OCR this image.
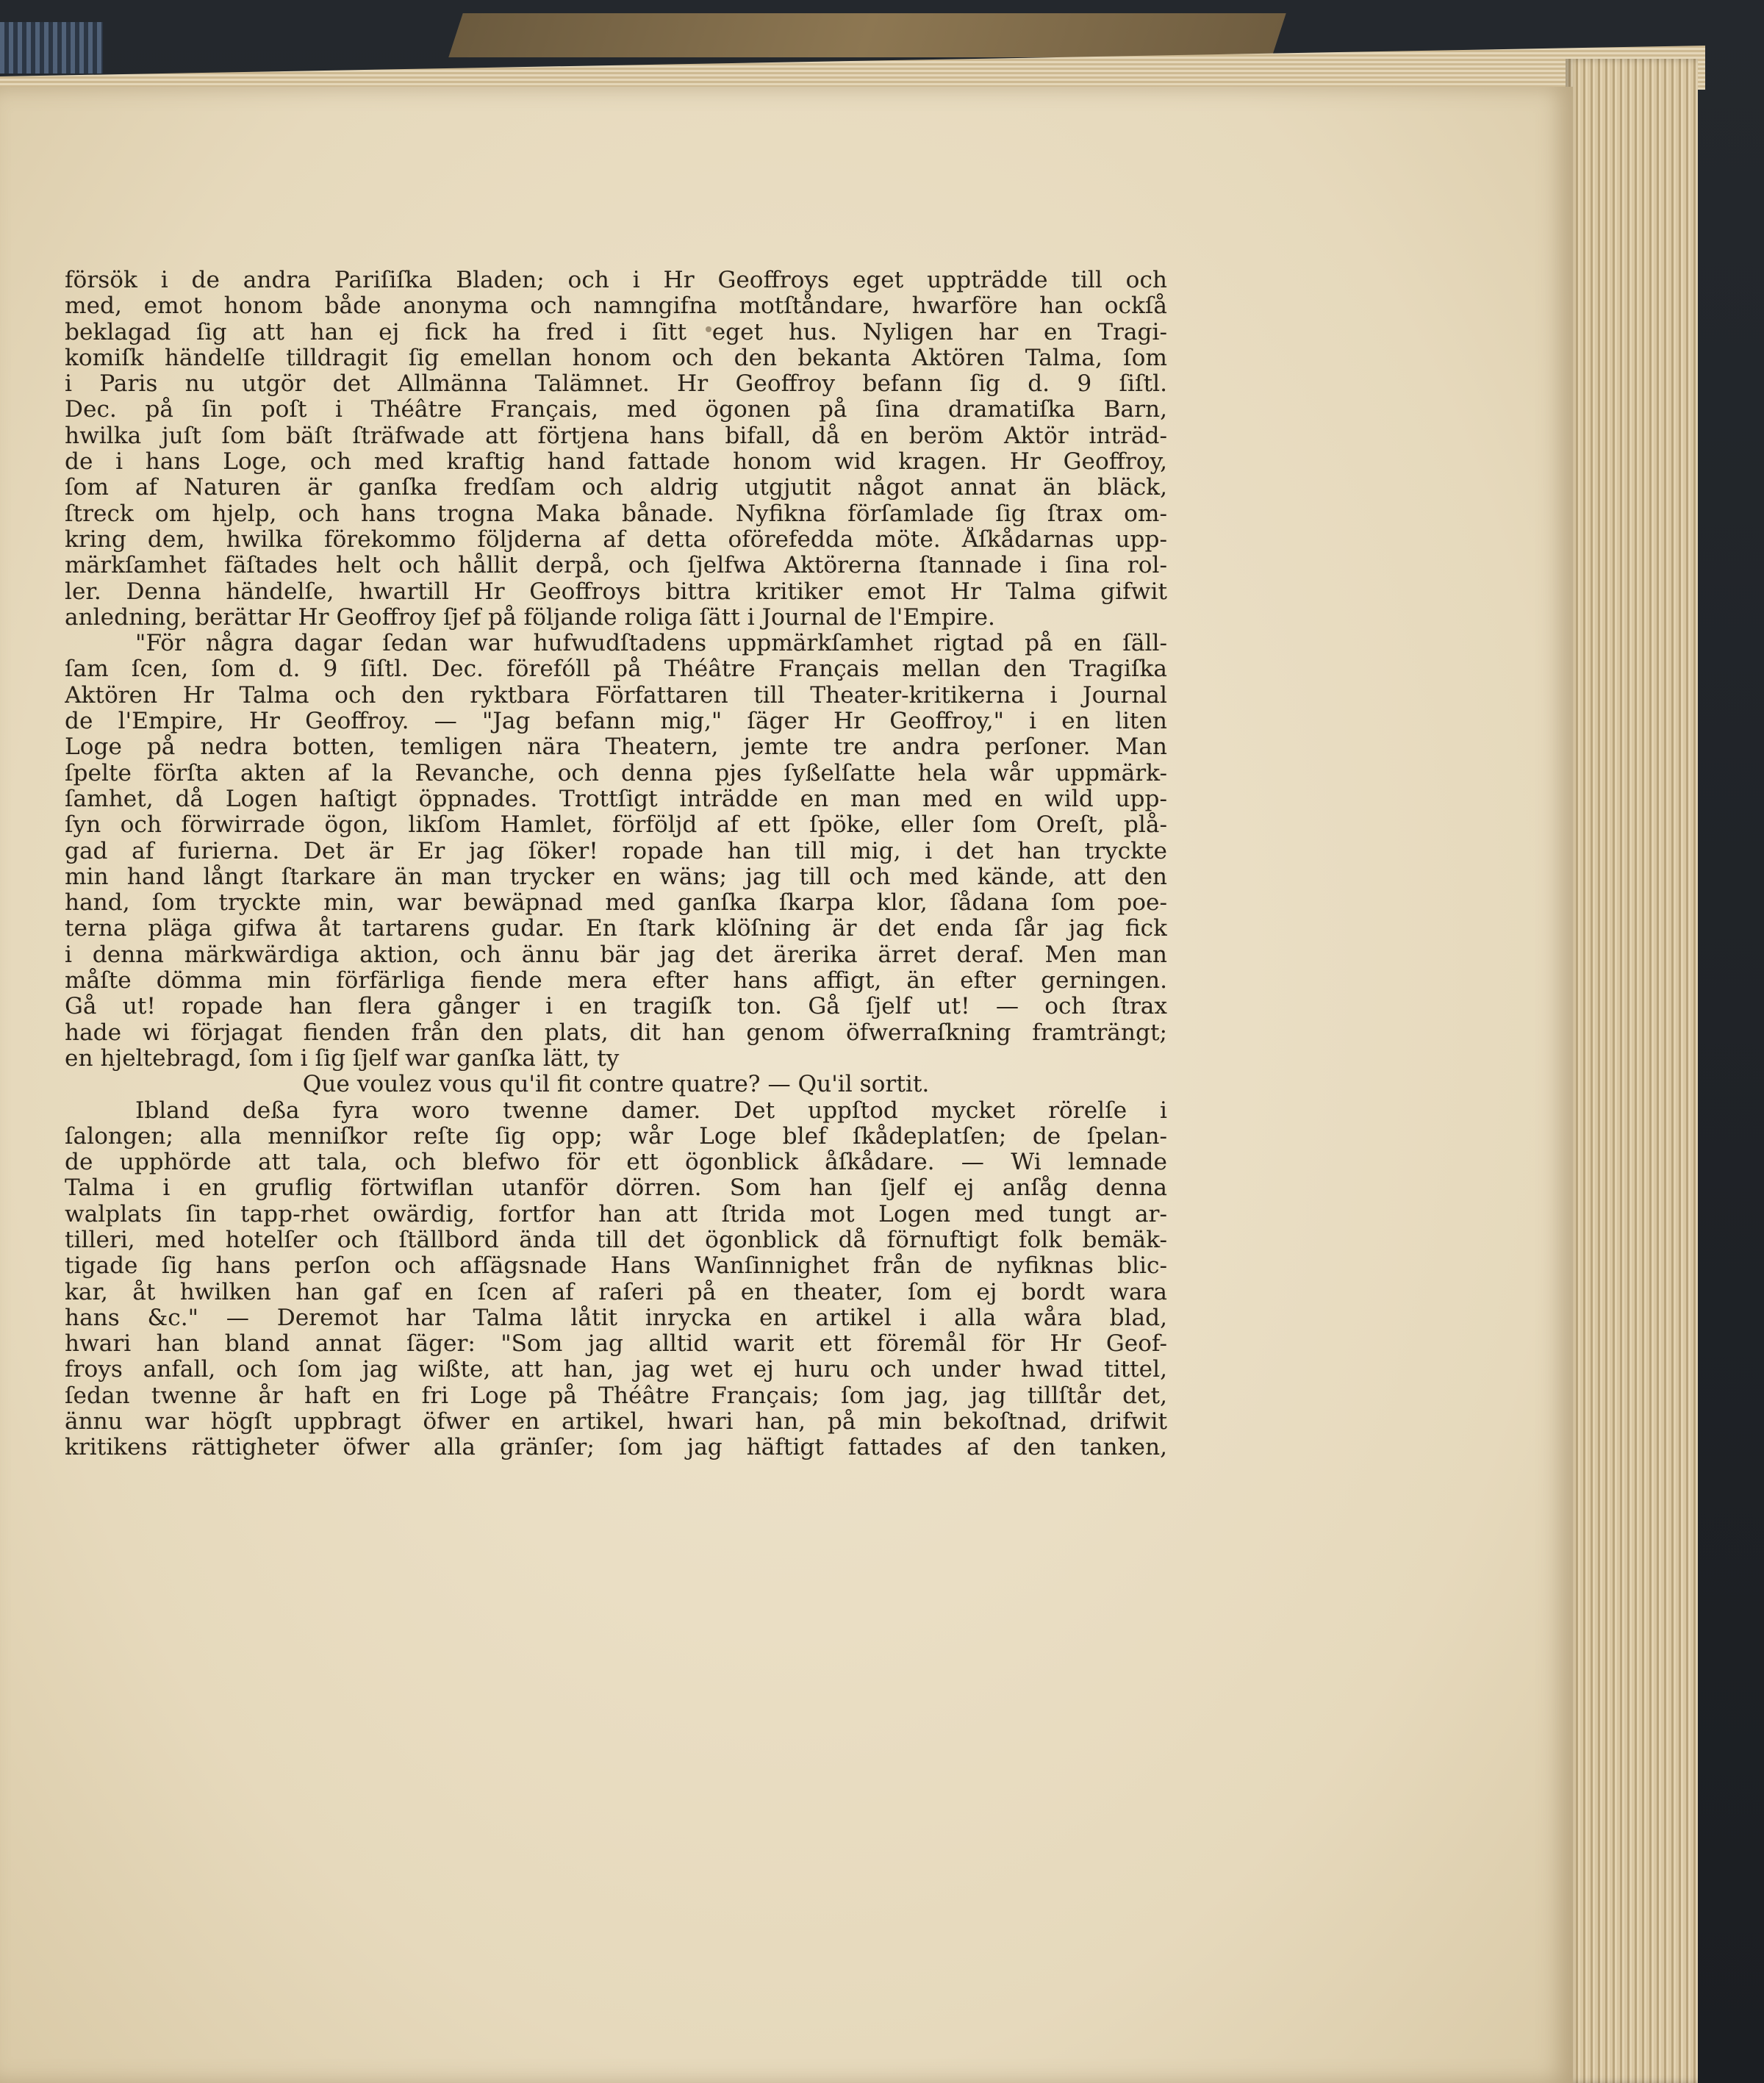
försök i de andra Pariſiſka Bladen; och i Hr Geoffroys eget uppträdde till och
med, emot honom både anonyma och namngifna motſtåndare, hwarföre han ockſå
beklagad ſig att han ej fick ha fred i ſitt eget hus. Nyligen har en Tragi-
komiſk händelſe tilldragit ſig emellan honom och den bekanta Aktören Talma, ſom
i Paris nu utgör det Allmänna Talämnet. Hr Geoffroy befann ſig d. 9 ſiſtl.
Dec. på ſin poſt i Théâtre Français, med ögonen på ſina dramatiſka Barn,
hwilka juſt ſom bäſt ſträfwade att förtjena hans bifall, då en beröm Aktör inträd-
de i hans Loge, och med kraftig hand fattade honom wid kragen. Hr Geoffroy,
ſom af Naturen är ganſka fredſam och aldrig utgjutit något annat än bläck,
ſtreck om hjelp, och hans trogna Maka bånade. Nyfikna förſamlade ſig ſtrax om-
kring dem, hwilka förekommo följderna af detta oförefedda möte. Åſkådarnas upp-
märkſamhet fäſtades helt och hållit derpå, och ſjelfwa Aktörerna ſtannade i ſina rol-
ler. Denna händelſe, hwartill Hr Geoffroys bittra kritiker emot Hr Talma gifwit
anledning, berättar Hr Geoffroy ſjef på följande roliga ſätt i Journal de l'Empire.

"För några dagar ſedan war hufwudſtadens uppmärkſamhet rigtad på en ſäll-
ſam ſcen, ſom d. 9 ſiſtl. Dec. förefóll på Théâtre Français mellan den Tragiſka
Aktören Hr Talma och den ryktbara Författaren till Theater-kritikerna i Journal
de l'Empire, Hr Geoffroy. — "Jag befann mig," ſäger Hr Geoffroy," i en liten
Loge på nedra botten, temligen nära Theatern, jemte tre andra perſoner. Man
ſpelte förſta akten af la Revanche, och denna pjes ſyßelſatte hela wår uppmärk-
ſamhet, då Logen haſtigt öppnades. Trottſigt inträdde en man med en wild upp-
ſyn och förwirrade ögon, likſom Hamlet, förföljd af ett ſpöke, eller ſom Oreſt, plå-
gad af furierna. Det är Er jag ſöker! ropade han till mig, i det han tryckte
min hand långt ſtarkare än man trycker en wäns; jag till och med kände, att den
hand, ſom tryckte min, war bewäpnad med ganſka ſkarpa klor, ſådana ſom poe-
terna pläga gifwa åt tartarens gudar. En ſtark klöſning är det enda ſår jag fick
i denna märkwärdiga aktion, och ännu bär jag det ärerika ärret deraf. Men man
måſte dömma min förfärliga fiende mera efter hans affigt, än efter gerningen.
Gå ut! ropade han flera gånger i en tragiſk ton. Gå ſjelf ut! — och ſtrax
hade wi förjagat fienden från den plats, dit han genom öfwerraſkning framträngt;
en hjeltebragd, ſom i ſig ſjelf war ganſka lätt, ty
Que voulez vous qu'il fit contre quatre? — Qu'il sortit.

Ibland deßa fyra woro twenne damer. Det uppſtod mycket rörelſe i
ſalongen; alla menniſkor reſte ſig opp; wår Loge blef ſkådeplatſen; de ſpelan-
de upphörde att tala, och blefwo för ett ögonblick åſkådare. — Wi lemnade
Talma i en gruflig förtwiflan utanför dörren. Som han ſjelf ej anſåg denna
walplats ſin tapp-rhet owärdig, fortfor han att ſtrida mot Logen med tungt ar-
tilleri, med hotelſer och ſtällbord ända till det ögonblick då förnuftigt folk bemäk-
tigade ſig hans perſon och afſägsnade Hans Wanſinnighet från de nyfiknas blic-
kar, åt hwilken han gaf en ſcen af raſeri på en theater, ſom ej bordt wara
hans &c." — Deremot har Talma låtit inrycka en artikel i alla wåra blad,
hwari han bland annat ſäger: "Som jag alltid warit ett föremål för Hr Geof-
froys anfall, och ſom jag wißte, att han, jag wet ej huru och under hwad tittel,
ſedan twenne år haft en fri Loge på Théâtre Français; ſom jag, jag tillſtår det,
ännu war högſt uppbragt öfwer en artikel, hwari han, på min bekoſtnad, drifwit
kritikens rättigheter öfwer alla gränſer; ſom jag häftigt fattades af den tanken,
